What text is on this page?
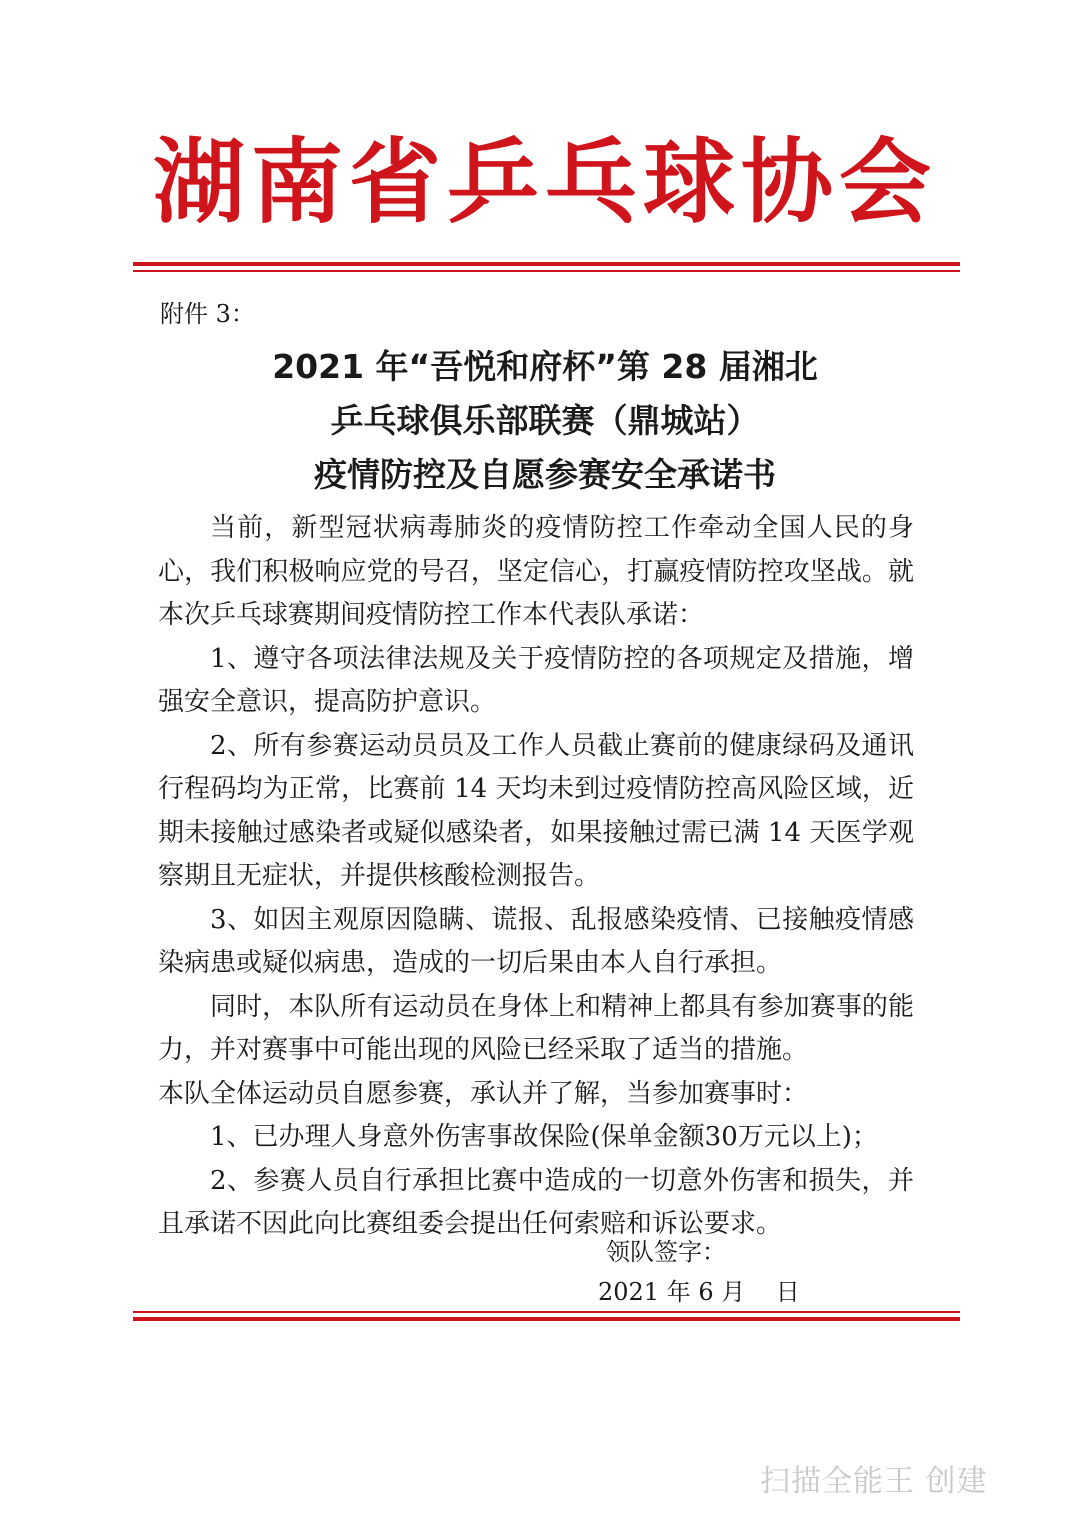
湖南省乒乓球协会
附件 3：
2021 年“吾悦和府杯”第 28 届湘北
乒乓球俱乐部联赛（鼎城站）
疫情防控及自愿参赛安全承诺书

当前，新型冠状病毒肺炎的疫情防控工作牵动全国人民的身心，我们积极响应党的号召，坚定信心，打赢疫情防控攻坚战。就本次乒乓球赛期间疫情防控工作本代表队承诺：

1、遵守各项法律法规及关于疫情防控的各项规定及措施，增强安全意识，提高防护意识。

2、所有参赛运动员员及工作人员截止赛前的健康绿码及通讯行程码均为正常，比赛前 14 天均未到过疫情防控高风险区域，近期未接触过感染者或疑似感染者，如果接触过需已满 14 天医学观察期且无症状，并提供核酸检测报告。

3、如因主观原因隐瞒、谎报、乱报感染疫情、已接触疫情感染病患或疑似病患，造成的一切后果由本人自行承担。

同时，本队所有运动员在身体上和精神上都具有参加赛事的能力，并对赛事中可能出现的风险已经采取了适当的措施。

本队全体运动员自愿参赛，承认并了解，当参加赛事时：

1、已办理人身意外伤害事故保险(保单金额30万元以上)；

2、参赛人员自行承担比赛中造成的一切意外伤害和损失，并且承诺不因此向比赛组委会提出任何索赔和诉讼要求。

领队签字：
2021 年 6 月    日
扫描全能王 创建
